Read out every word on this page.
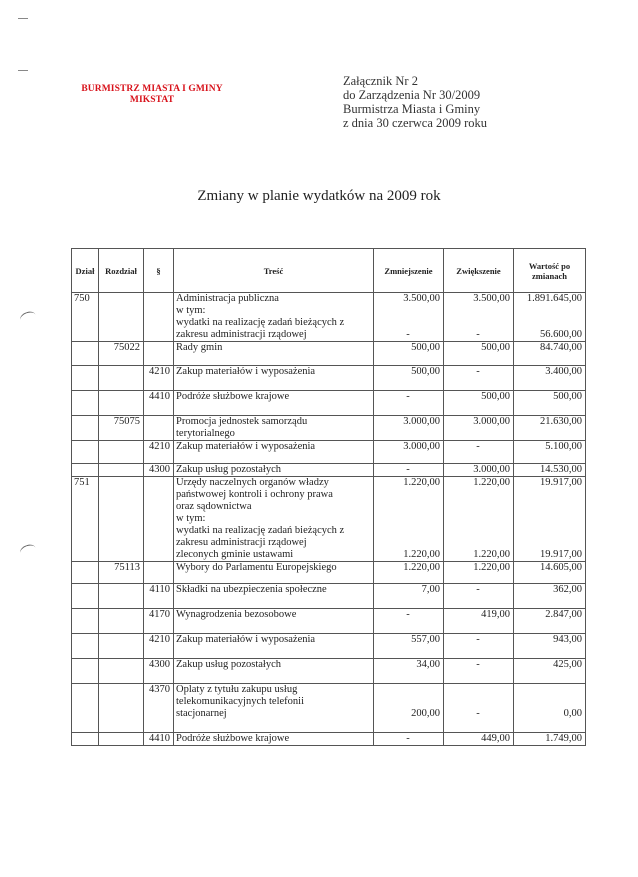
BURMISTRZ MIASTA I GMINY
MIKSTAT
Załącznik Nr 2
do Zarządzenia Nr 30/2009
Burmistrza Miasta i Gminy
z dnia 30 czerwca 2009 roku
Zmiany w planie wydatków na 2009 rok
Dział	Rozdział	§	Treść	Zmniejszenie	Zwiększenie	Wartość po zmianach
750			Administracja publiczna	3.500,00	3.500,00	1.891.645,00
			w tym:			
			wydatki na realizację zadań bieżących z			
			zakresu administracji rządowej	-	-	56.600,00
	75022		Rady gmin	500,00	500,00	84.740,00

		4210	Zakup materiałów i wyposażenia	500,00	-	3.400,00

		4410	Podróże służbowe krajowe	-	500,00	500,00

	75075		Promocja jednostek samorządu	3.000,00	3.000,00	21.630,00
			terytorialnego			
		4210	Zakup materiałów i wyposażenia	3.000,00	-	5.100,00

		4300	Zakup usług pozostałych	-	3.000,00	14.530,00
751			Urzędy naczelnych organów władzy	1.220,00	1.220,00	19.917,00
			państwowej kontroli i ochrony prawa			
			oraz sądownictwa			
			w tym:			
			wydatki na realizację zadań bieżących z			
			zakresu administracji rządowej			
			zleconych gminie ustawami	1.220,00	1.220,00	19.917,00
	75113		Wybory do Parlamentu Europejskiego	1.220,00	1.220,00	14.605,00

		4110	Składki na ubezpieczenia społeczne	7,00	-	362,00

		4170	Wynagrodzenia bezosobowe	-	419,00	2.847,00

		4210	Zakup materiałów i wyposażenia	557,00	-	943,00

		4300	Zakup usług pozostałych	34,00	-	425,00

		4370	Oplaty z tytułu zakupu usług			
			telekomunikacyjnych telefonii			
			stacjonarnej	200,00	-	0,00

		4410	Podróże służbowe krajowe	-	449,00	1.749,00
